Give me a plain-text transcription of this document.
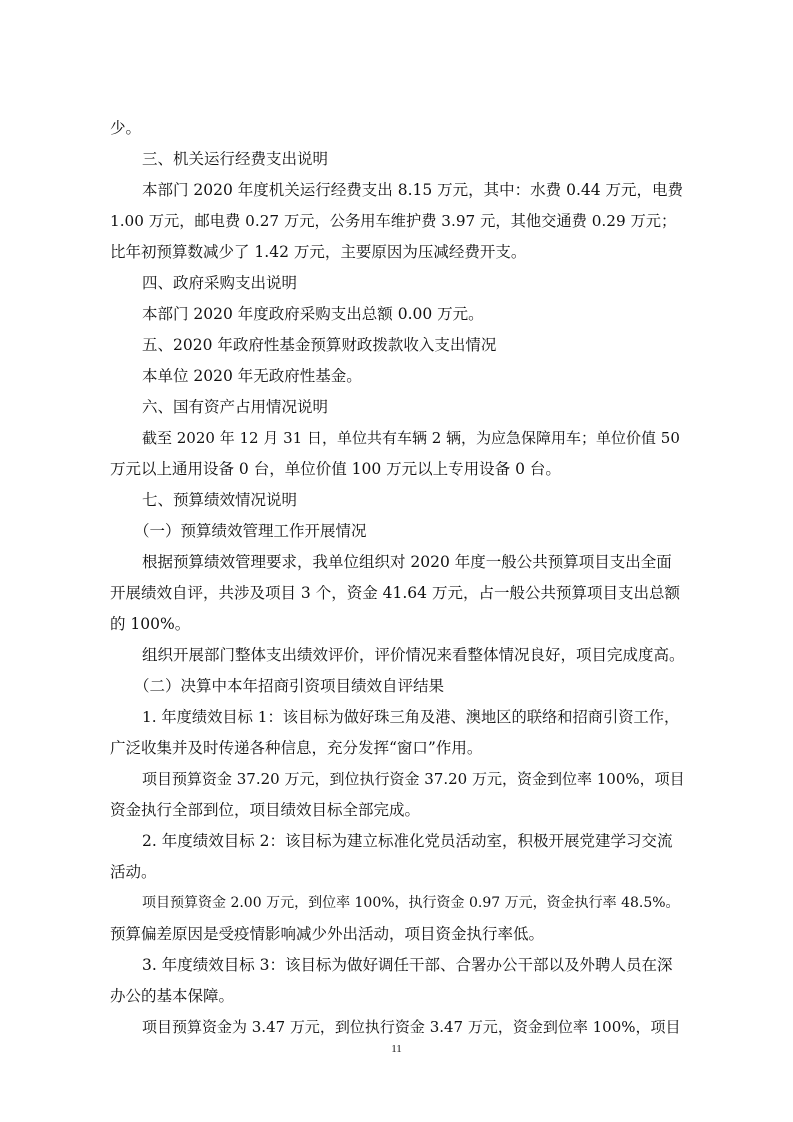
少。
三、机关运行经费支出说明
本部门 2020 年度机关运行经费支出 8.15 万元，其中：水费 0.44 万元，电费
1.00 万元，邮电费 0.27 万元，公务用车维护费 3.97 元，其他交通费 0.29 万元；
比年初预算数减少了 1.42 万元，主要原因为压减经费开支。
四、政府采购支出说明
本部门 2020 年度政府采购支出总额 0.00 万元。
五、2020 年政府性基金预算财政拨款收入支出情况
本单位 2020 年无政府性基金。
六、国有资产占用情况说明
截至 2020 年 12 月 31 日，单位共有车辆 2 辆，为应急保障用车；单位价值 50
万元以上通用设备 0 台，单位价值 100 万元以上专用设备 0 台。
七、预算绩效情况说明
（一）预算绩效管理工作开展情况
根据预算绩效管理要求，我单位组织对 2020 年度一般公共预算项目支出全面
开展绩效自评，共涉及项目 3 个，资金 41.64 万元，占一般公共预算项目支出总额
的 100%。
组织开展部门整体支出绩效评价，评价情况来看整体情况良好，项目完成度高。
（二）决算中本年招商引资项目绩效自评结果
1. 年度绩效目标 1：该目标为做好珠三角及港、澳地区的联络和招商引资工作，
广泛收集并及时传递各种信息，充分发挥“窗口”作用。
项目预算资金 37.20 万元，到位执行资金 37.20 万元，资金到位率 100%，项目
资金执行全部到位，项目绩效目标全部完成。
2. 年度绩效目标 2：该目标为建立标准化党员活动室，积极开展党建学习交流
活动。
项目预算资金 2.00 万元，到位率 100%，执行资金 0.97 万元，资金执行率 48.5%。
预算偏差原因是受疫情影响减少外出活动，项目资金执行率低。
3. 年度绩效目标 3：该目标为做好调任干部、合署办公干部以及外聘人员在深
办公的基本保障。
项目预算资金为 3.47 万元，到位执行资金 3.47 万元，资金到位率 100%，项目
11
